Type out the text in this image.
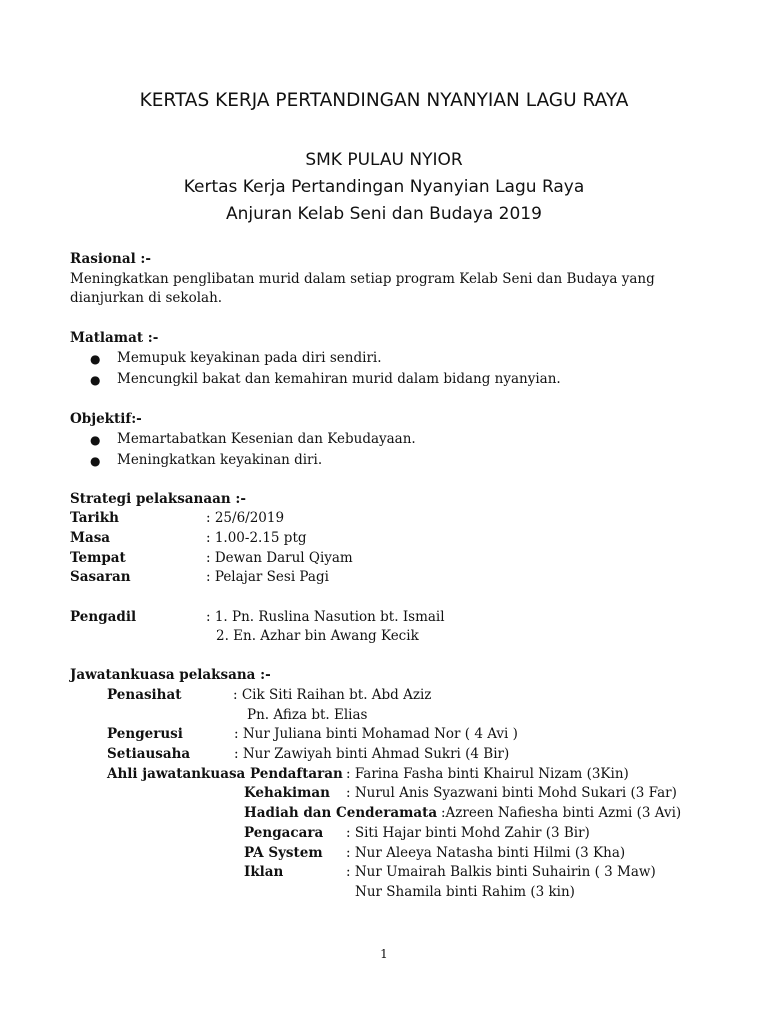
KERTAS KERJA PERTANDINGAN NYANYIAN LAGU RAYA
SMK PULAU NYIOR
Kertas Kerja Pertandingan Nyanyian Lagu Raya
Anjuran Kelab Seni dan Budaya 2019
Rasional :-
Meningkatkan penglibatan murid dalam setiap program Kelab Seni dan Budaya yang
dianjurkan di sekolah.
Matlamat :-
● Memupuk keyakinan pada diri sendiri.
● Mencungkil bakat dan kemahiran murid dalam bidang nyanyian.
Objektif:-
● Memartabatkan Kesenian dan Kebudayaan.
● Meningkatkan keyakinan diri.
Strategi pelaksanaan :-
Tarikh	: 25/6/2019
Masa	: 1.00-2.15 ptg
Tempat	: Dewan Darul Qiyam
Sasaran	: Pelajar Sesi Pagi
Pengadil	: 1. Pn. Ruslina Nasution bt. Ismail
2. En. Azhar bin Awang Kecik
Jawatankuasa pelaksana :-
Penasihat	: Cik Siti Raihan bt. Abd Aziz
Pn. Afiza bt. Elias
Pengerusi	: Nur Juliana binti Mohamad Nor ( 4 Avi )
Setiausaha	: Nur Zawiyah binti Ahmad Sukri (4 Bir)
Ahli jawatankuasa Pendaftaran : Farina Fasha binti Khairul Nizam (3Kin)
Kehakiman : Nurul Anis Syazwani binti Mohd Sukari (3 Far)
Hadiah dan Cenderamata :Azreen Nafiesha binti Azmi (3 Avi)
Pengacara : Siti Hajar binti Mohd Zahir (3 Bir)
PA System : Nur Aleeya Natasha binti Hilmi (3 Kha)
Iklan	: Nur Umairah Balkis binti Suhairin ( 3 Maw)
Nur Shamila binti Rahim (3 kin)
1
